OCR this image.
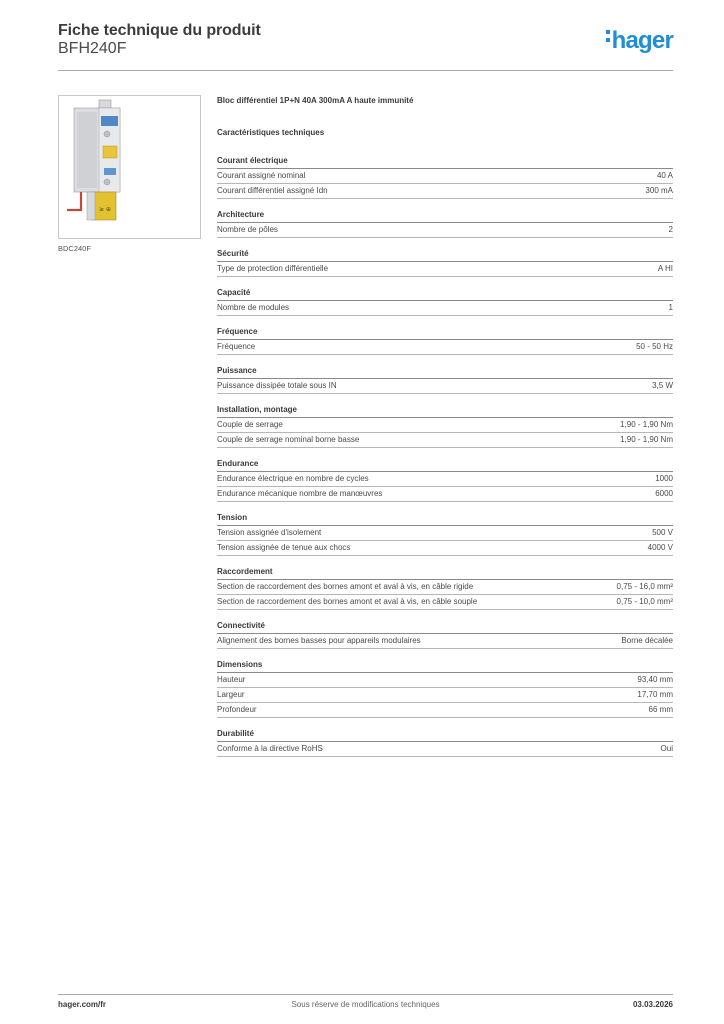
Fiche technique du produit
BFH240F	hager
≥ ⊕
BDC240F
Bloc différentiel 1P+N 40A 300mA A haute immunité
Caractéristiques techniques
Courant électrique
Courant assigné nominal	40 A
Courant différentiel assigné Idn	300 mA
Architecture
Nombre de pôles	2
Sécurité
Type de protection différentielle	A HI
Capacité
Nombre de modules	1
Fréquence
Fréquence	50 - 50 Hz
Puissance
Puissance dissipée totale sous IN	3,5 W
Installation, montage
Couple de serrage	1,90 - 1,90 Nm
Couple de serrage nominal borne basse	1,90 - 1,90 Nm
Endurance
Endurance électrique en nombre de cycles	1000
Endurance mécanique nombre de manœuvres	6000
Tension
Tension assignée d'isolement	500 V
Tension assignée de tenue aux chocs	4000 V
Raccordement
Section de raccordement des bornes amont et aval à vis, en câble rigide	0,75 - 16,0 mm²
Section de raccordement des bornes amont et aval à vis, en câble souple	0,75 - 10,0 mm²
Connectivité
Alignement des bornes basses pour appareils modulaires	Borne décalée
Dimensions
Hauteur	93,40 mm
Largeur	17,70 mm
Profondeur	66 mm
Durabilité
Conforme à la directive RoHS	Oui
hager.com/fr	Sous réserve de modifications techniques	03.03.2026
